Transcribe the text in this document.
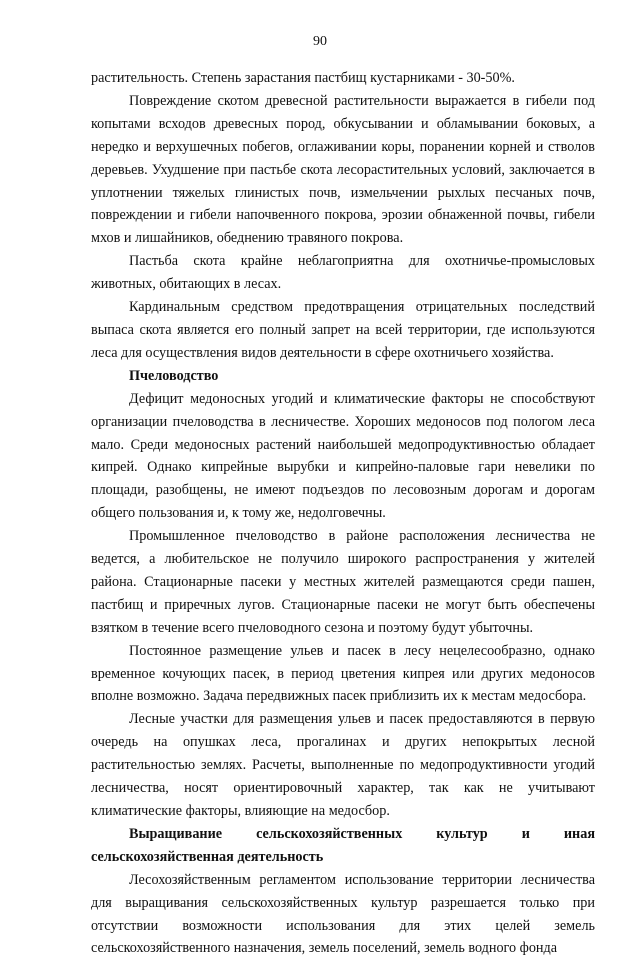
90

растительность. Степень зарастания пастбищ кустарниками - 30-50%.

Повреждение скотом древесной растительности выражается в гибели под копытами всходов древесных пород, обкусывании и обламывании боковых, а нередко и верхушечных побегов, оглаживании коры, поранении корней и стволов деревьев. Ухудшение при пастьбе скота лесорастительных условий, заключается в уплотнении тяжелых глинистых почв, измельчении рыхлых песчаных почв, повреждении и гибели напочвенного покрова, эрозии обнаженной почвы, гибели мхов и лишайников, обеднению травяного покрова.

Пастьба скота крайне неблагоприятна для охотничье-промысловых животных, обитающих в лесах.

Кардинальным средством предотвращения отрицательных последствий выпаса скота является его полный запрет на всей территории, где используются леса для осуществления видов деятельности в сфере охотничьего хозяйства.

Пчеловодство

Дефицит медоносных угодий и климатические факторы не способствуют организации пчеловодства в лесничестве. Хороших медоносов под пологом леса мало. Среди медоносных растений наибольшей медопродуктивностью обладает кипрей. Однако кипрейные вырубки и кипрейно-паловые гари невелики по площади, разобщены, не имеют подъездов по лесовозным дорогам и дорогам общего пользования и, к тому же, недолговечны.

Промышленное пчеловодство в районе расположения лесничества не ведется, а любительское не получило широкого распространения у жителей района. Стационарные пасеки у местных жителей размещаются среди пашен, пастбищ и приречных лугов. Стационарные пасеки не могут быть обеспечены взятком в течение всего пчеловодного сезона и поэтому будут убыточны.

Постоянное размещение ульев и пасек в лесу нецелесообразно, однако временное кочующих пасек, в период цветения кипрея или других медоносов вполне возможно. Задача передвижных пасек приблизить их к местам медосбора.

Лесные участки для размещения ульев и пасек предоставляются в первую очередь на опушках леса, прогалинах и других непокрытых лесной растительностью землях. Расчеты, выполненные по медопродуктивности угодий лесничества, носят ориентировочный характер, так как не учитывают климатические факторы, влияющие на медосбор.

Выращивание сельскохозяйственных культур и иная сельскохозяйственная деятельность

Лесохозяйственным регламентом использование территории лесничества для выращивания сельскохозяйственных культур разрешается только при отсутствии возможности использования для этих целей земель сельскохозяйственного назначения, земель поселений, земель водного фонда
